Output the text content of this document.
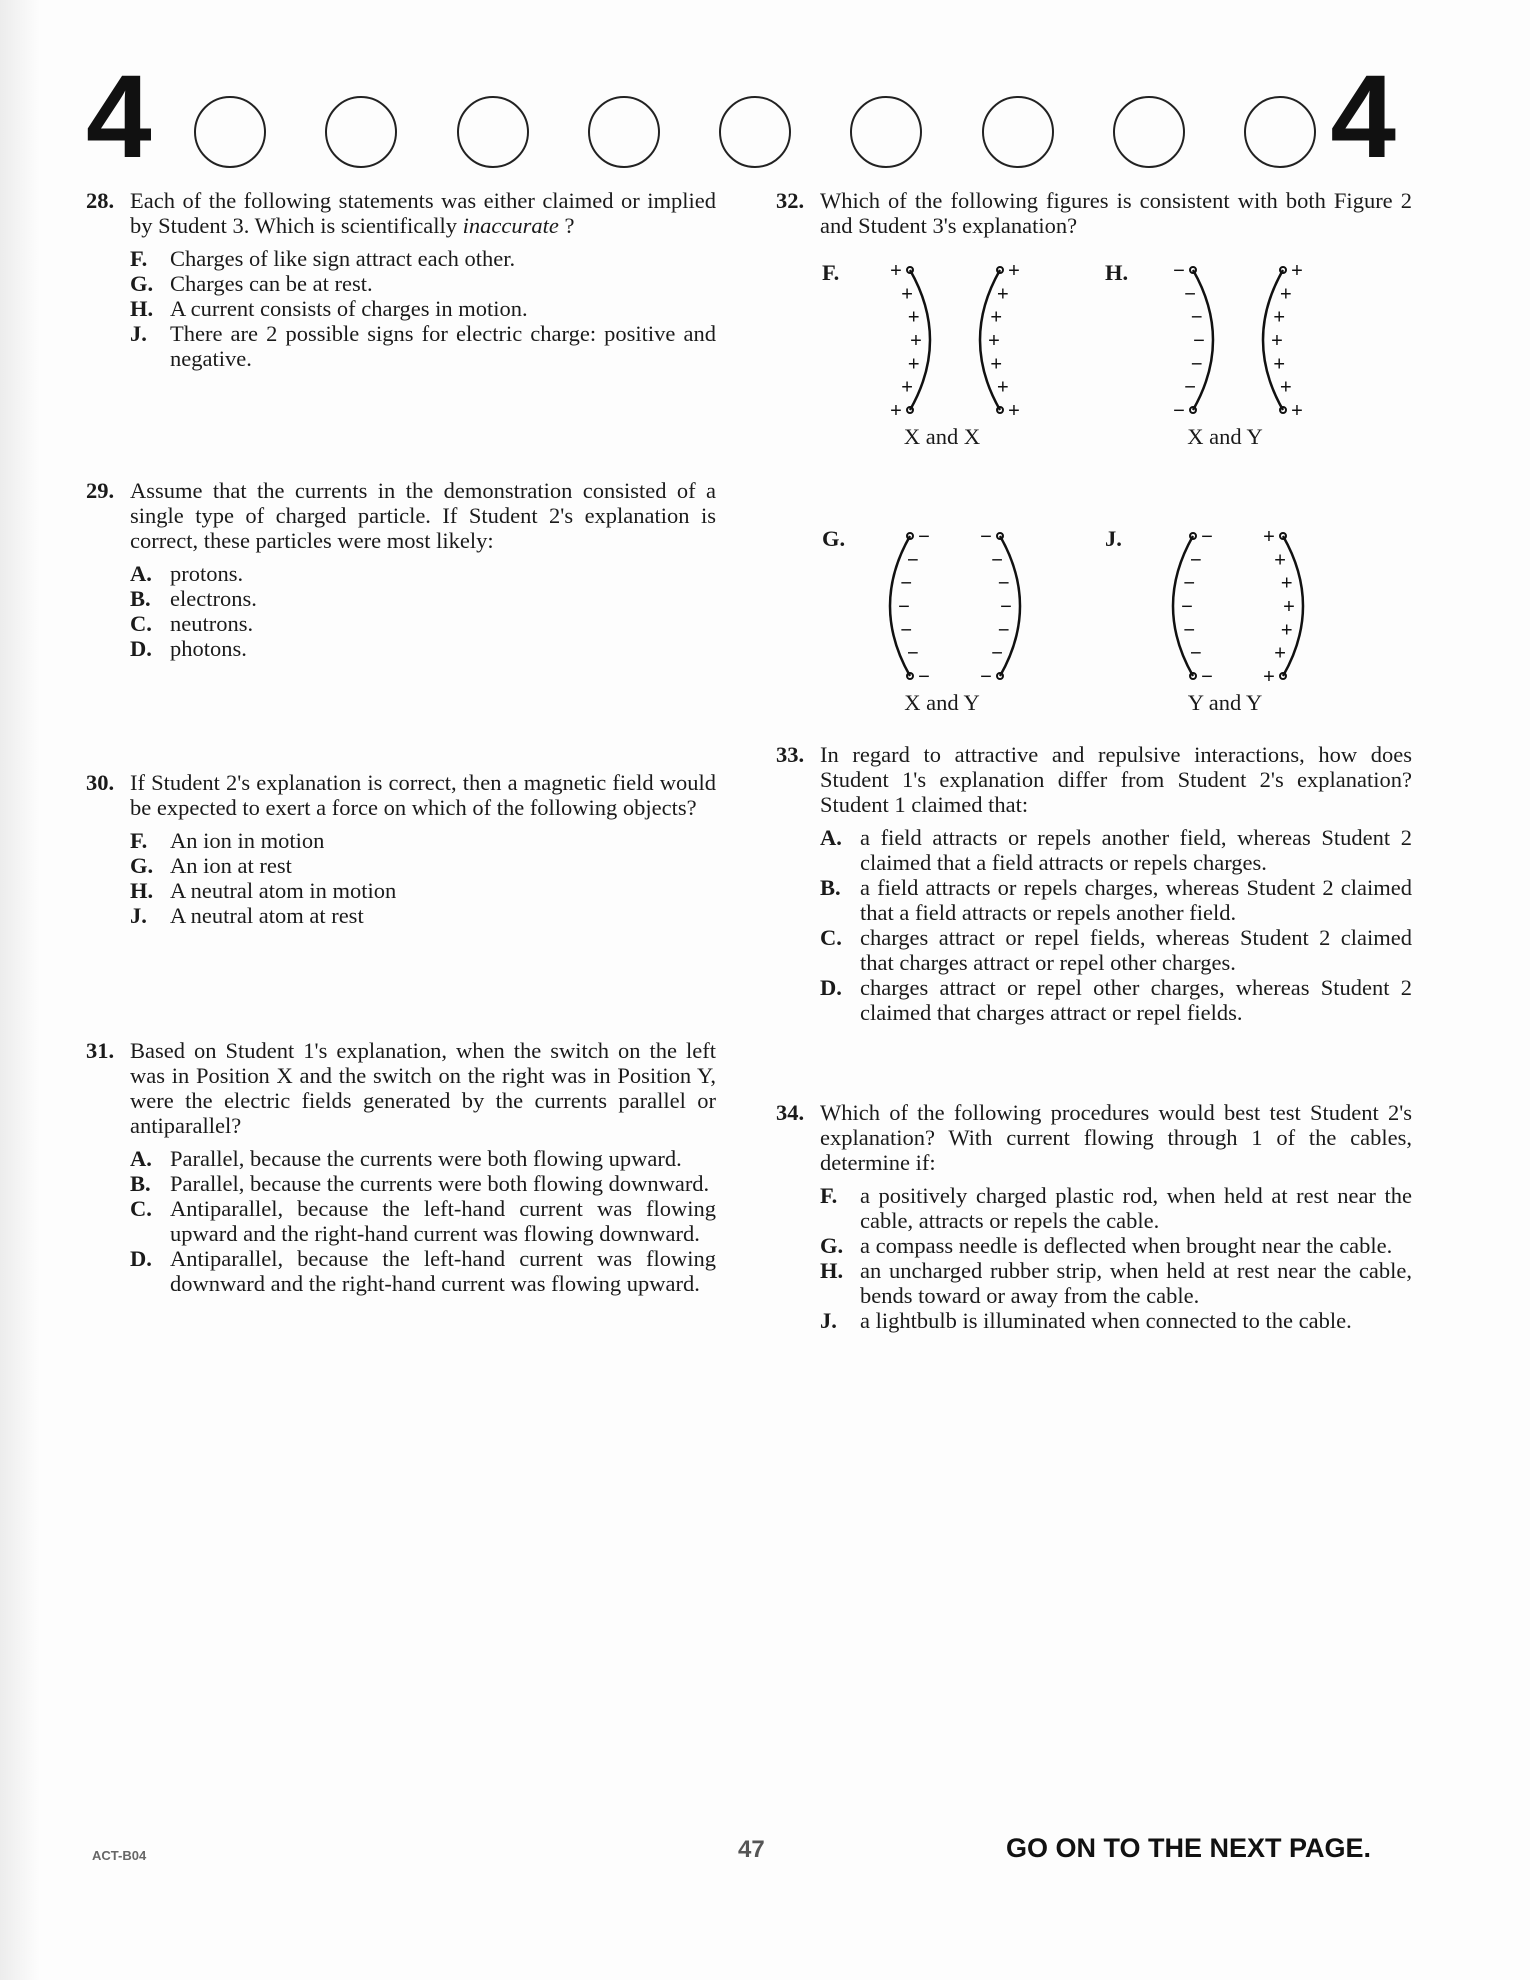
4	4
28. Each of the following statements was either claimed or implied by Student 3. Which is scientifically inaccurate ?
F.	Charges of like sign attract each other.
G. Charges can be at rest.
H. A current consists of charges in motion.
J.	There are 2 possible signs for electric charge: positive and negative.
29. Assume that the currents in the demonstration consisted of a single type of charged particle. If Student 2's explanation is correct, these particles were most likely:
A. protons.
B. electrons.
C. neutrons.
D. photons.
30. If Student 2's explanation is correct, then a magnetic field would be expected to exert a force on which of the following objects?
F.	An ion in motion
G. An ion at rest
H. A neutral atom in motion
J.	A neutral atom at rest
31. Based on Student 1's explanation, when the switch on the left was in Position X and the switch on the right was in Position Y, were the electric fields generated by the currents parallel or antiparallel?
A. Parallel, because the currents were both flowing upward.
B. Parallel, because the currents were both flowing downward.
C. Antiparallel, because the left-hand current was flowing upward and the right-hand current was flowing downward.
D. Antiparallel, because the left-hand current was flowing downward and the right-hand current was flowing upward.
32. Which of the following figures is consistent with both Figure 2 and Student 3's explanation?
F.	+
+
+
+
+
+
+
+
+
+
+
+
+
+
X and X
H. −
−
−
−
−
−
−
+
+
+
+
+
+
+
X and Y
G.	−
−
−
−
−
−
−
−
−
−
−
−
−
−
X and Y
J.	−
−
−
−
−
−
−
+
+
+
+
+
+
+
Y and Y
33. In regard to attractive and repulsive interactions, how does Student 1's explanation differ from Student 2's explanation? Student 1 claimed that:
A. a field attracts or repels another field, whereas Student 2 claimed that a field attracts or repels charges.
B. a field attracts or repels charges, whereas Student 2 claimed that a field attracts or repels another field.
C. charges attract or repel fields, whereas Student 2 claimed that charges attract or repel other charges.
D. charges attract or repel other charges, whereas Student 2 claimed that charges attract or repel fields.
34. Which of the following procedures would best test Student 2's explanation? With current flowing through 1 of the cables, determine if:
F.	a positively charged plastic rod, when held at rest near the cable, attracts or repels the cable.
G. a compass needle is deflected when brought near the cable.
H. an uncharged rubber strip, when held at rest near the cable, bends toward or away from the cable.
J.	a lightbulb is illuminated when connected to the cable.
ACT-B04	47	GO ON TO THE NEXT PAGE.
